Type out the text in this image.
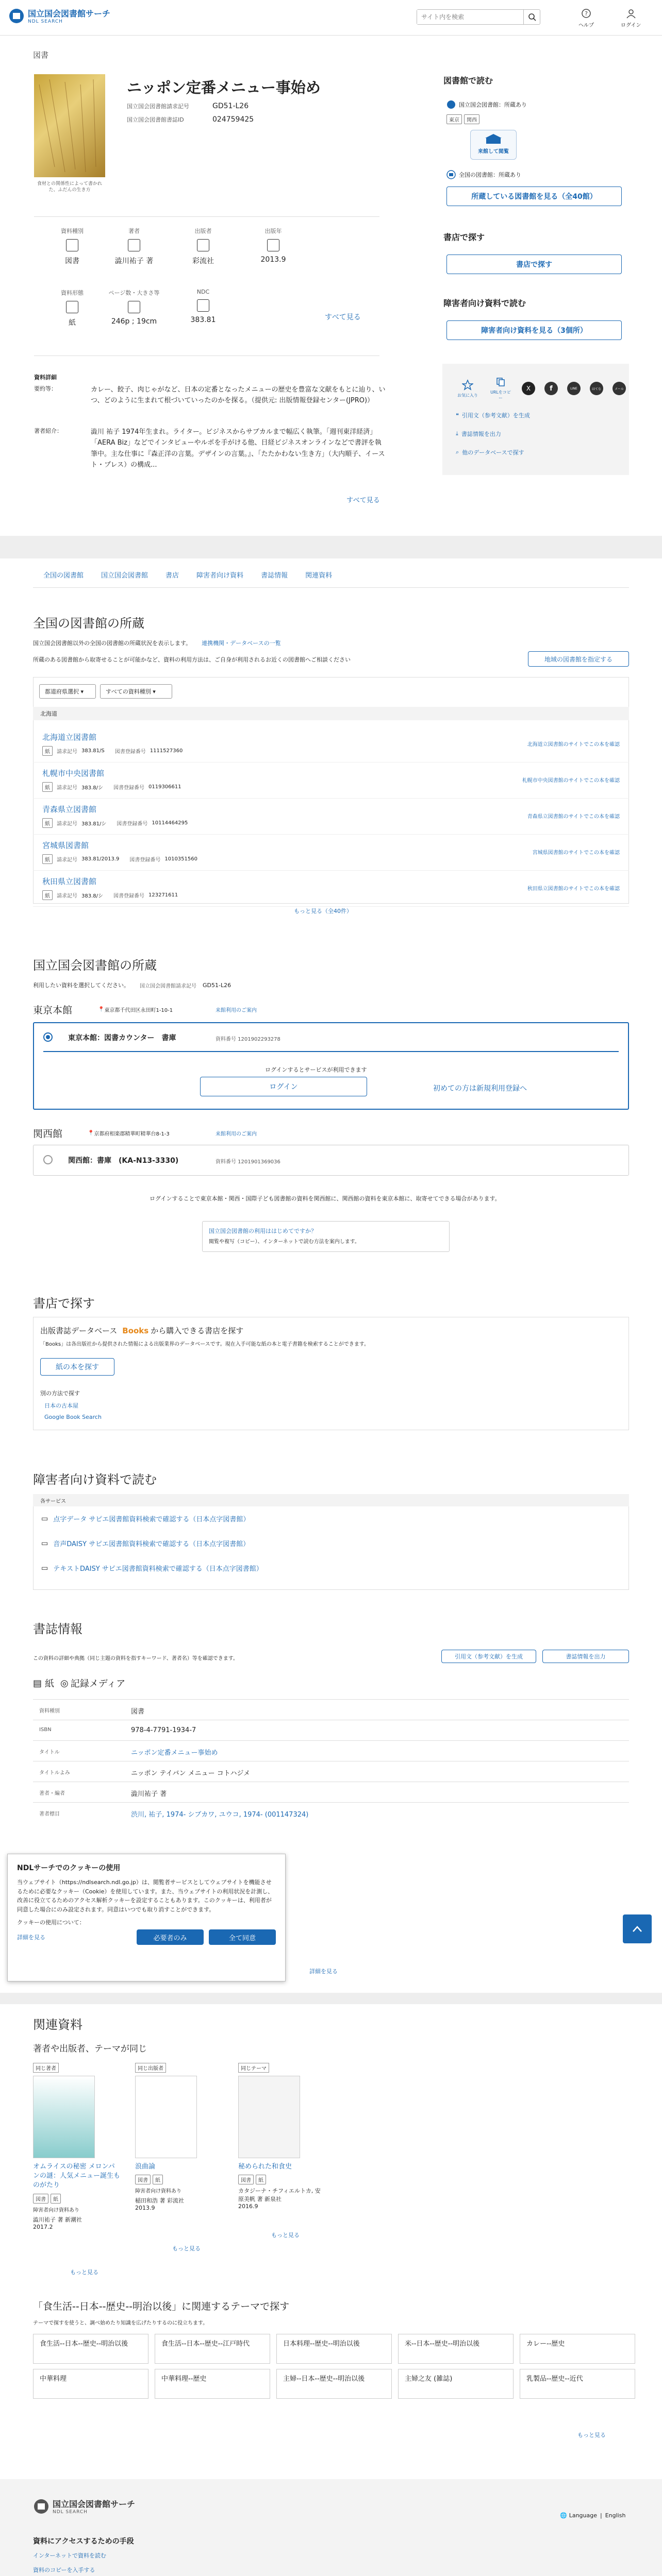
国立国会図書館サーチ
NDL SEARCH
サイト内を検索
?
ヘルプ	ログイン
図書
食材との関係性によって書かれた、ふだんの生き方
ニッポン定番メニュー事始め
国立国会図書館請求記号	GD51-L26
国立国会図書館書誌ID	024759425
資料種別
図書
著者
澁川祐子 著
出版者
彩流社
出版年
2013.9
資料形態
紙
ページ数・大きさ等
246p ; 19cm
NDC
383.81	すべて見る
資料詳細
要約等：	カレー、餃子、肉じゃがなど、日本の定番となったメニューの歴史を豊富な文献をもとに辿り、いつ、どのように生まれて根づいていったのかを探る。（提供元: 出版情報登録センター(JPRO)）
著者紹介：	澁川 祐子 1974年生まれ。ライター。ビジネスからサブカルまで幅広く執筆。「週刊東洋経済」「AERA Biz」などでインタビューやルポを手がける他、日経ビジネスオンラインなどで書評を執筆中。主な仕事に『森正洋の言葉。デザインの言葉。』、「たたかわない生き方」（大内順子、イースト・プレス）の構成...
すべて見る
図書館で読む
国立国会図書館： 所蔵あり
東京	関西
来館して閲覧
全国の図書館： 所蔵あり
所蔵している図書館を見る（全40館）
書店で探す
書店で探す
障害者向け資料で読む
障害者向け資料を見る（3個所）
お気に入り
URLをコピー
X	f	LINE	はてな	メール
❝ 引用文（参考文献）を生成
⤓ 書誌情報を出力
⌕ 他のデータベースで探す
全国の図書館	国立国会図書館	書店	障害者向け資料	書誌情報	関連資料
全国の図書館の所蔵
国立国会図書館以外の全国の図書館の所蔵状況を表示します。 連携機関・データベースの一覧
所蔵のある図書館から取寄せることが可能かなど、資料の利用方法は、ご自身が利用されるお近くの図書館へご相談ください	地域の図書館を指定する
都道府県選択 ▾	すべての資料種別 ▾
北海道
北海道立図書館
紙	請求記号 383.81/S 図書登録番号 1111527360
北海道立図書館のサイトでこの本を確認
札幌市中央図書館
紙	請求記号 383.8/シ 図書登録番号 0119306611
札幌市中央図書館のサイトでこの本を確認
青森県立図書館
紙	請求記号 383.81/シ 図書登録番号 10114464295
青森県立図書館のサイトでこの本を確認
宮城県図書館
紙	請求記号 383.81/2013.9 図書登録番号 1010351560
宮城県図書館のサイトでこの本を確認
秋田県立図書館
紙	請求記号 383.8/シ 図書登録番号 123271611
秋田県立図書館のサイトでこの本を確認
もっと見る（全40件）
国立国会図書館の所蔵
利用したい資料を選択してください。 国立国会図書館請求記号 GD51-L26
東京本館	📍 東京都千代田区永田町1-10-1	来館利用のご案内
東京本館：図書カウンター　書庫	資料番号 1201902293278
ログインするとサービスが利用できます
ログイン	初めての方は新規利用登録へ
関西館	📍 京都府相楽郡精華町精華台8-1-3	来館利用のご案内
関西館：書庫　(KA-N13-3330)	資料番号 1201901369036
ログインすることで東京本館・関西・国際子ども図書館の資料を関西館に、関西館の資料を東京本館に、取寄せてできる場合があります。
国立国会図書館の利用ははじめてですか？
閲覧や複写（コピー）、インターネットで読む方法を案内します。
書店で探す
出版書誌データベース Books から購入できる書店を探す
「Books」は各出版社から提供された情報による出版業界のデータベースです。現在入手可能な紙の本と電子書籍を検索することができます。
紙の本を探す
別の方法で探す
日本の古本屋
Google Book Search
障害者向け資料で読む
各サービス
▭ 点字データ サピエ図書館資料検索で確認する（日本点字図書館）
▭ 音声DAISY サピエ図書館資料検索で確認する（日本点字図書館）
▭ テキストDAISY サピエ図書館資料検索で確認する（日本点字図書館）
書誌情報
この資料の詳細や典拠（同じ主題の資料を指すキーワード、著者名）等を確認できます。	引用文（参考文献）を生成	書誌情報を出力
▤ 紙 ◎ 記録メディア
資料種別	図書
ISBN	978-4-7791-1934-7
タイトル	ニッポン定番メニュー事始め
タイトルよみ	ニッポン テイバン メニュー コトハジメ
著者・編者	澁川祐子 著
著者標目	渋川, 祐子, 1974- シブカワ, ユウコ, 1974- (001147324)
詳細を見る
NDLサーチでのクッキーの使用
当ウェブサイト（https://ndlsearch.ndl.go.jp）は、閲覧者サービスとしてウェブサイトを機能させるために必要なクッキー（Cookie）を使用しています。また、当ウェブサイトの利用状況を計測し、改善に役立てるためのアクセス解析クッキーを設定することもあります。このクッキーは、利用者が同意した場合にのみ設定されます。同意はいつでも取り消すことができます。
クッキーの使用について：
詳細を見る	必要者のみ	全て同意
関連資料
著者や出版者、テーマが同じ
同じ著者
オムライスの秘密 メロンパンの謎：人気メニュー誕生ものがたり
図書	紙
障害者向け資料あり
澁川祐子 著 新潮社
2017.2
同じ出版者
浪曲論
図書	紙
障害者向け資料あり
稲田和浩 著 彩流社
2013.9
同じテーマ
秘められた和食史
図書	紙
カタジーナ・チフィエルトカ, 安原美帆 著 新泉社
2016.9
もっと見る
もっと見る
もっと見る
「食生活--日本--歴史--明治以後」に関連するテーマで探す
テーマで探すを使うと、調べ始めたり知識を広げたりするのに役立ちます。
食生活--日本--歴史--明治以後	食生活--日本--歴史--江戸時代	日本料理--歴史--明治以後	米--日本--歴史--明治以後	カレー--歴史
中華料理	中華料理--歴史	主婦--日本--歴史--明治以後	主婦之友 (雑誌)	乳製品--歴史--近代
もっと見る
国立国会図書館サーチ
NDL SEARCH	🌐 Language | English
資料にアクセスするための手段
インターネットで資料を読む
資料のコピーを入手する
